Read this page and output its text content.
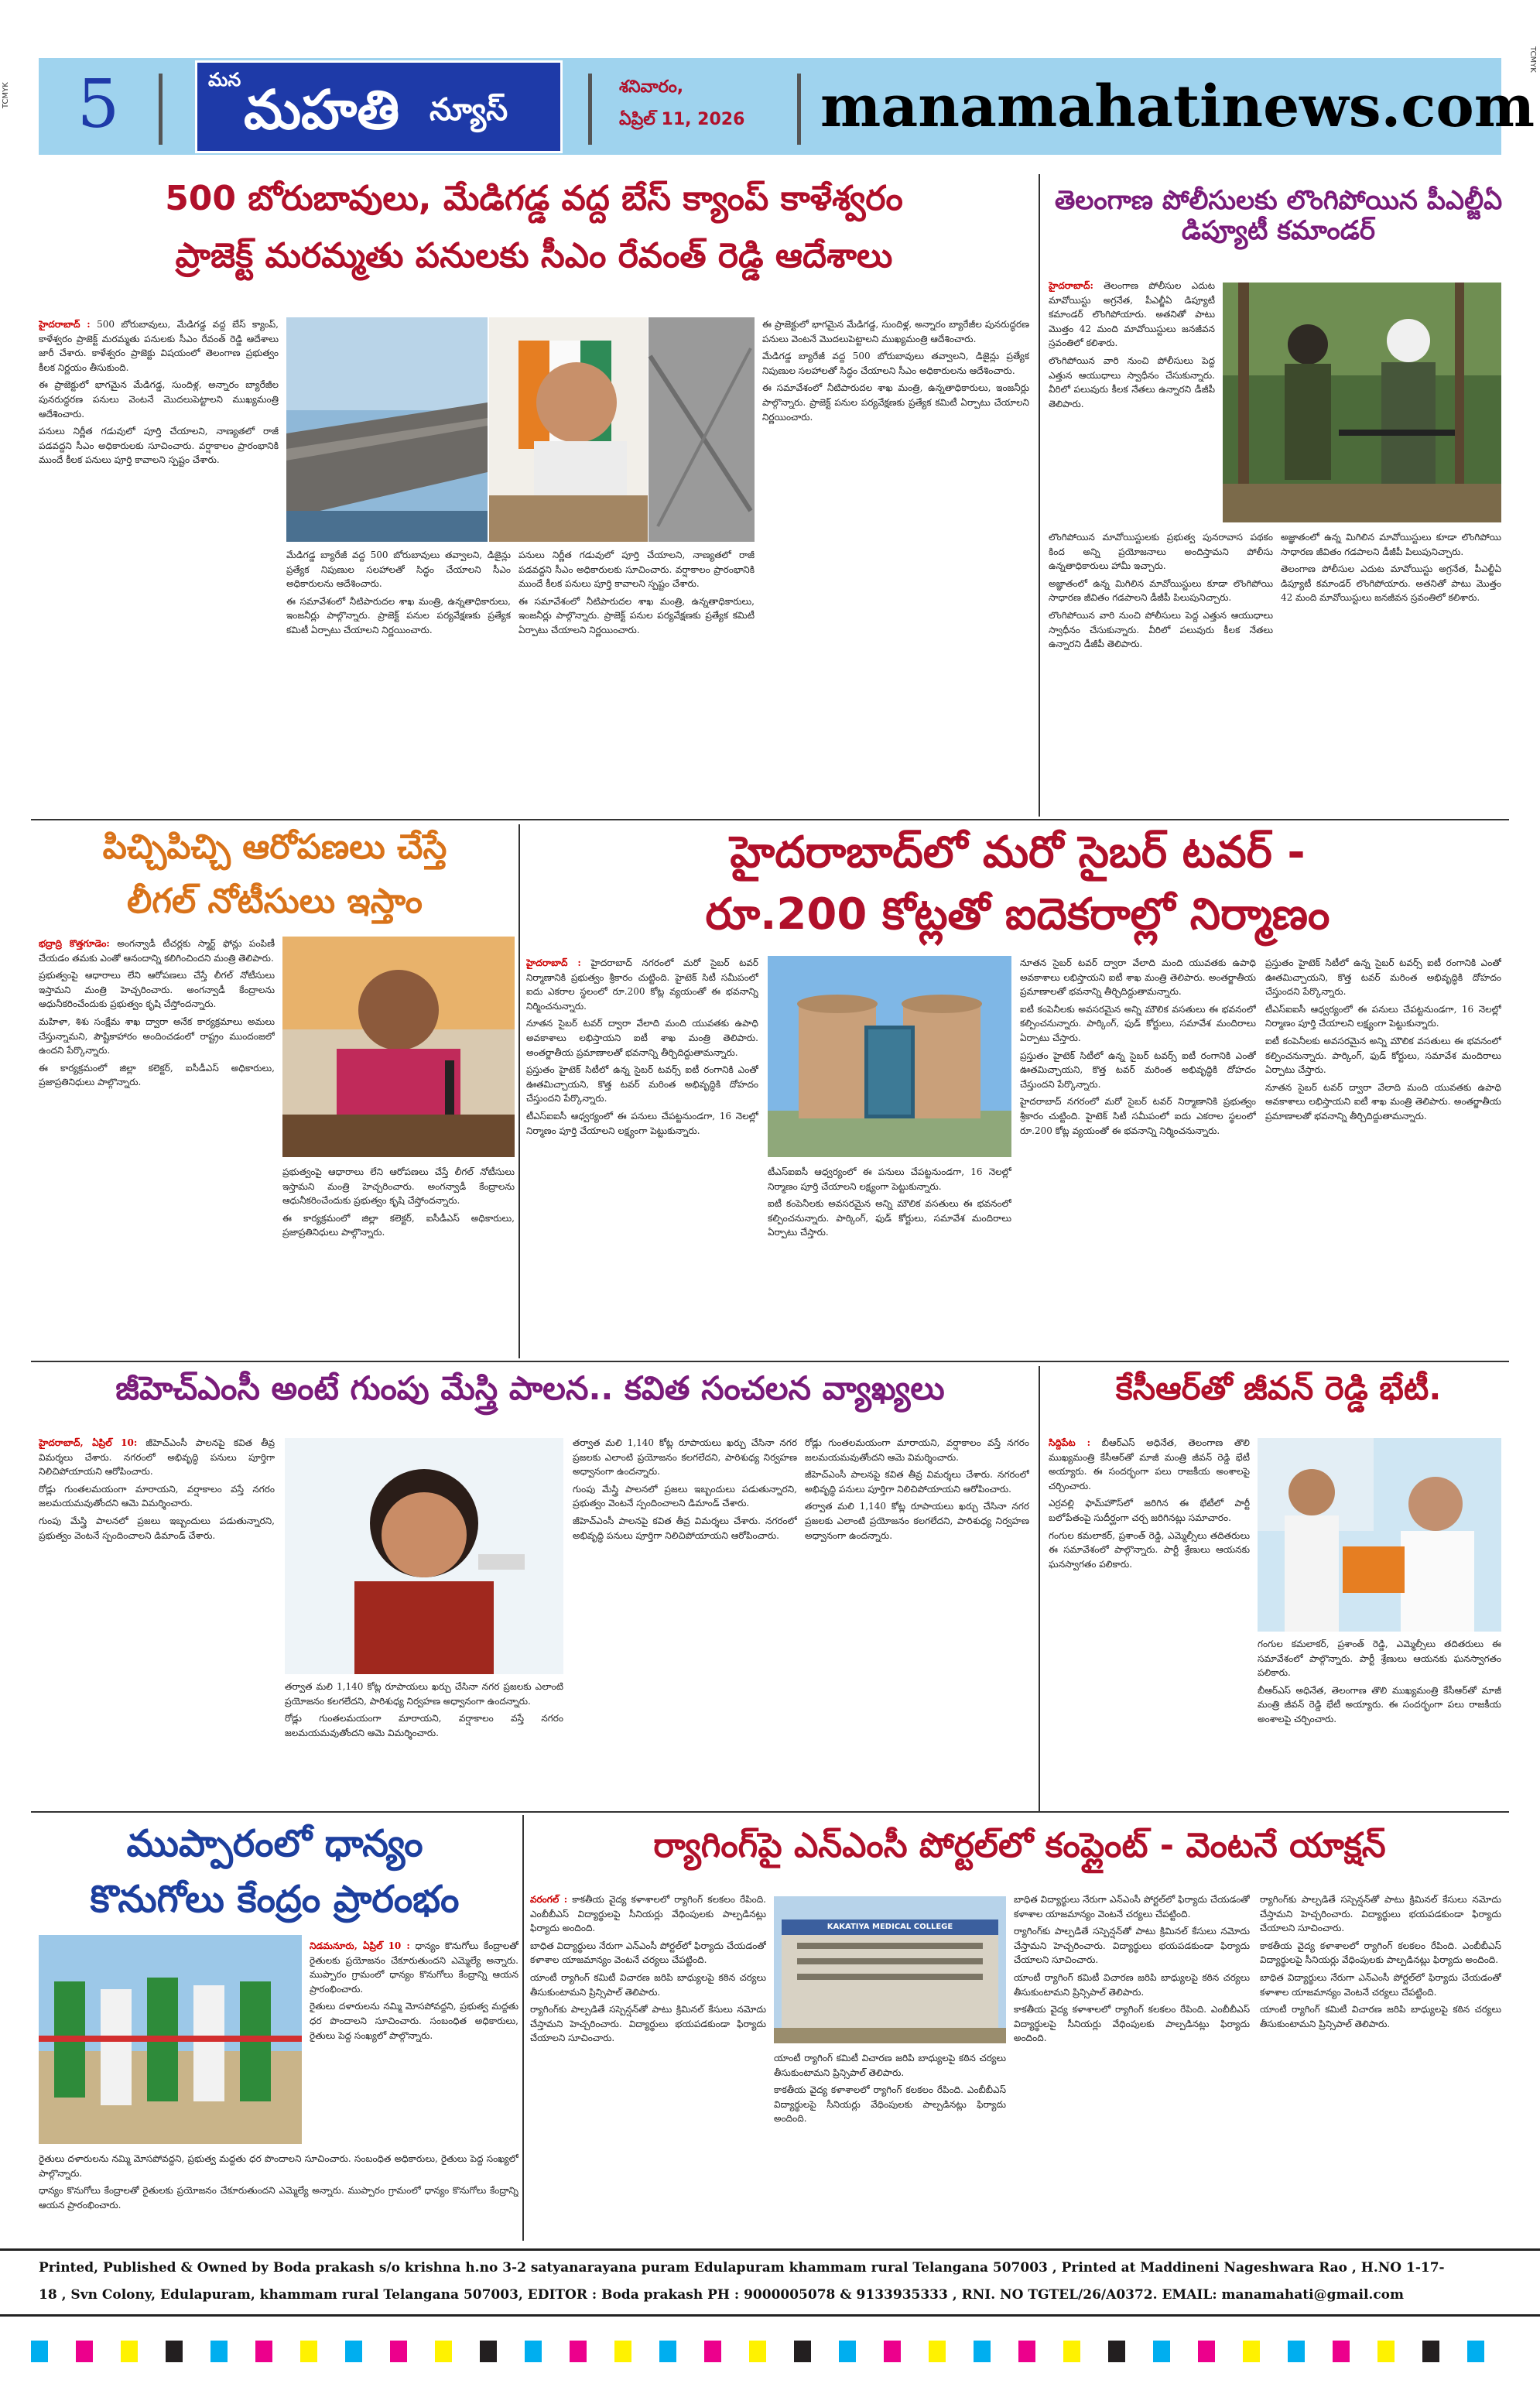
TCMYK
TCMYK
5	మన మహతి న్యూస్
శనివారం,
ఏప్రిల్ 11, 2026 manamahatinews.com
500 బోరుబావులు, మేడిగడ్డ వద్ద బేస్ క్యాంప్ కాళేశ్వరం
ప్రాజెక్ట్ మరమ్మతు పనులకు సీఎం రేవంత్ రెడ్డి ఆదేశాలు

హైదరాబాద్ : 500 బోరుబావులు, మేడిగడ్డ వద్ద బేస్ క్యాంప్, కాళేశ్వరం ప్రాజెక్ట్ మరమ్మతు పనులకు సీఎం రేవంత్ రెడ్డి ఆదేశాలు జారీ చేశారు. కాళేశ్వరం ప్రాజెక్టు విషయంలో తెలంగాణ ప్రభుత్వం కీలక నిర్ణయం తీసుకుంది.

ఈ ప్రాజెక్టులో భాగమైన మేడిగడ్డ, సుందిళ్ల, అన్నారం బ్యారేజీల పునరుద్ధరణ పనులు వెంటనే మొదలుపెట్టాలని ముఖ్యమంత్రి ఆదేశించారు.

పనులు నిర్ణీత గడువులో పూర్తి చేయాలని, నాణ్యతలో రాజీ పడవద్దని సీఎం అధికారులకు సూచించారు. వర్షాకాలం ప్రారంభానికి ముందే కీలక పనులు పూర్తి కావాలని స్పష్టం చేశారు.

మేడిగడ్డ బ్యారేజీ వద్ద 500 బోరుబావులు తవ్వాలని, డిజైన్లు ప్రత్యేక నిపుణుల సలహాలతో సిద్ధం చేయాలని సీఎం అధికారులను ఆదేశించారు.

ఈ సమావేశంలో నీటిపారుదల శాఖ మంత్రి, ఉన్నతాధికారులు, ఇంజనీర్లు పాల్గొన్నారు. ప్రాజెక్ట్ పనుల పర్యవేక్షణకు ప్రత్యేక కమిటీ ఏర్పాటు చేయాలని నిర్ణయించారు.

పనులు నిర్ణీత గడువులో పూర్తి చేయాలని, నాణ్యతలో రాజీ పడవద్దని సీఎం అధికారులకు సూచించారు. వర్షాకాలం ప్రారంభానికి ముందే కీలక పనులు పూర్తి కావాలని స్పష్టం చేశారు.

ఈ సమావేశంలో నీటిపారుదల శాఖ మంత్రి, ఉన్నతాధికారులు, ఇంజనీర్లు పాల్గొన్నారు. ప్రాజెక్ట్ పనుల పర్యవేక్షణకు ప్రత్యేక కమిటీ ఏర్పాటు చేయాలని నిర్ణయించారు.

ఈ ప్రాజెక్టులో భాగమైన మేడిగడ్డ, సుందిళ్ల, అన్నారం బ్యారేజీల పునరుద్ధరణ పనులు వెంటనే మొదలుపెట్టాలని ముఖ్యమంత్రి ఆదేశించారు.

మేడిగడ్డ బ్యారేజీ వద్ద 500 బోరుబావులు తవ్వాలని, డిజైన్లు ప్రత్యేక నిపుణుల సలహాలతో సిద్ధం చేయాలని సీఎం అధికారులను ఆదేశించారు.

ఈ సమావేశంలో నీటిపారుదల శాఖ మంత్రి, ఉన్నతాధికారులు, ఇంజనీర్లు పాల్గొన్నారు. ప్రాజెక్ట్ పనుల పర్యవేక్షణకు ప్రత్యేక కమిటీ ఏర్పాటు చేయాలని నిర్ణయించారు.

తెలంగాణ పోలీసులకు లొంగిపోయిన పీఎల్జీఏ డిప్యూటీ కమాండర్

హైదరాబాద్: తెలంగాణ పోలీసుల ఎదుట మావోయిస్టు అగ్రనేత, పీఎల్జీఏ డిప్యూటీ కమాండర్ లొంగిపోయారు. అతనితో పాటు మొత్తం 42 మంది మావోయిస్టులు జనజీవన స్రవంతిలో కలిశారు.

లొంగిపోయిన వారి నుంచి పోలీసులు పెద్ద ఎత్తున ఆయుధాలు స్వాధీనం చేసుకున్నారు. వీరిలో పలువురు కీలక నేతలు ఉన్నారని డీజీపీ తెలిపారు.

లొంగిపోయిన మావోయిస్టులకు ప్రభుత్వ పునరావాస పథకం కింద అన్ని ప్రయోజనాలు అందిస్తామని పోలీసు ఉన్నతాధికారులు హామీ ఇచ్చారు.

అజ్ఞాతంలో ఉన్న మిగిలిన మావోయిస్టులు కూడా లొంగిపోయి సాధారణ జీవితం గడపాలని డీజీపీ పిలుపునిచ్చారు.

లొంగిపోయిన వారి నుంచి పోలీసులు పెద్ద ఎత్తున ఆయుధాలు స్వాధీనం చేసుకున్నారు. వీరిలో పలువురు కీలక నేతలు ఉన్నారని డీజీపీ తెలిపారు.

అజ్ఞాతంలో ఉన్న మిగిలిన మావోయిస్టులు కూడా లొంగిపోయి సాధారణ జీవితం గడపాలని డీజీపీ పిలుపునిచ్చారు.

తెలంగాణ పోలీసుల ఎదుట మావోయిస్టు అగ్రనేత, పీఎల్జీఏ డిప్యూటీ కమాండర్ లొంగిపోయారు. అతనితో పాటు మొత్తం 42 మంది మావోయిస్టులు జనజీవన స్రవంతిలో కలిశారు.

పిచ్చిపిచ్చి ఆరోపణలు చేస్తే
లీగల్ నోటీసులు ఇస్తాం

భద్రాద్రి కొత్తగూడెం: అంగన్వాడీ టీచర్లకు స్మార్ట్ ఫోన్లు పంపిణీ చేయడం తమకు ఎంతో ఆనందాన్ని కలిగించిందని మంత్రి తెలిపారు.

ప్రభుత్వంపై ఆధారాలు లేని ఆరోపణలు చేస్తే లీగల్ నోటీసులు ఇస్తామని మంత్రి హెచ్చరించారు. అంగన్వాడీ కేంద్రాలను ఆధునీకరించేందుకు ప్రభుత్వం కృషి చేస్తోందన్నారు.

మహిళా, శిశు సంక్షేమ శాఖ ద్వారా అనేక కార్యక్రమాలు అమలు చేస్తున్నామని, పౌష్టికాహారం అందించడంలో రాష్ట్రం ముందంజలో ఉందని పేర్కొన్నారు.

ఈ కార్యక్రమంలో జిల్లా కలెక్టర్, ఐసీడీఎస్ అధికారులు, ప్రజాప్రతినిధులు పాల్గొన్నారు.

ప్రభుత్వంపై ఆధారాలు లేని ఆరోపణలు చేస్తే లీగల్ నోటీసులు ఇస్తామని మంత్రి హెచ్చరించారు. అంగన్వాడీ కేంద్రాలను ఆధునీకరించేందుకు ప్రభుత్వం కృషి చేస్తోందన్నారు.

ఈ కార్యక్రమంలో జిల్లా కలెక్టర్, ఐసీడీఎస్ అధికారులు, ప్రజాప్రతినిధులు పాల్గొన్నారు.

హైదరాబాద్‌లో మరో సైబర్ టవర్ -
రూ.200 కోట్లతో ఐదెకరాల్లో నిర్మాణం

హైదరాబాద్ : హైదరాబాద్ నగరంలో మరో సైబర్ టవర్ నిర్మాణానికి ప్రభుత్వం శ్రీకారం చుట్టింది. హైటెక్ సిటీ సమీపంలో ఐదు ఎకరాల స్థలంలో రూ.200 కోట్ల వ్యయంతో ఈ భవనాన్ని నిర్మించనున్నారు.

నూతన సైబర్ టవర్ ద్వారా వేలాది మంది యువతకు ఉపాధి అవకాశాలు లభిస్తాయని ఐటీ శాఖ మంత్రి తెలిపారు. అంతర్జాతీయ ప్రమాణాలతో భవనాన్ని తీర్చిదిద్దుతామన్నారు.

ప్రస్తుతం హైటెక్ సిటీలో ఉన్న సైబర్ టవర్స్ ఐటీ రంగానికి ఎంతో ఊతమిచ్చాయని, కొత్త టవర్ మరింత అభివృద్ధికి దోహదం చేస్తుందని పేర్కొన్నారు.

టీఎస్ఐఐసీ ఆధ్వర్యంలో ఈ పనులు చేపట్టనుండగా, 16 నెలల్లో నిర్మాణం పూర్తి చేయాలని లక్ష్యంగా పెట్టుకున్నారు.

టీఎస్ఐఐసీ ఆధ్వర్యంలో ఈ పనులు చేపట్టనుండగా, 16 నెలల్లో నిర్మాణం పూర్తి చేయాలని లక్ష్యంగా పెట్టుకున్నారు.

ఐటీ కంపెనీలకు అవసరమైన అన్ని మౌలిక వసతులు ఈ భవనంలో కల్పించనున్నారు. పార్కింగ్, ఫుడ్ కోర్టులు, సమావేశ మందిరాలు ఏర్పాటు చేస్తారు.

నూతన సైబర్ టవర్ ద్వారా వేలాది మంది యువతకు ఉపాధి అవకాశాలు లభిస్తాయని ఐటీ శాఖ మంత్రి తెలిపారు. అంతర్జాతీయ ప్రమాణాలతో భవనాన్ని తీర్చిదిద్దుతామన్నారు.

ఐటీ కంపెనీలకు అవసరమైన అన్ని మౌలిక వసతులు ఈ భవనంలో కల్పించనున్నారు. పార్కింగ్, ఫుడ్ కోర్టులు, సమావేశ మందిరాలు ఏర్పాటు చేస్తారు.

ప్రస్తుతం హైటెక్ సిటీలో ఉన్న సైబర్ టవర్స్ ఐటీ రంగానికి ఎంతో ఊతమిచ్చాయని, కొత్త టవర్ మరింత అభివృద్ధికి దోహదం చేస్తుందని పేర్కొన్నారు.

హైదరాబాద్ నగరంలో మరో సైబర్ టవర్ నిర్మాణానికి ప్రభుత్వం శ్రీకారం చుట్టింది. హైటెక్ సిటీ సమీపంలో ఐదు ఎకరాల స్థలంలో రూ.200 కోట్ల వ్యయంతో ఈ భవనాన్ని నిర్మించనున్నారు.

ప్రస్తుతం హైటెక్ సిటీలో ఉన్న సైబర్ టవర్స్ ఐటీ రంగానికి ఎంతో ఊతమిచ్చాయని, కొత్త టవర్ మరింత అభివృద్ధికి దోహదం చేస్తుందని పేర్కొన్నారు.

టీఎస్ఐఐసీ ఆధ్వర్యంలో ఈ పనులు చేపట్టనుండగా, 16 నెలల్లో నిర్మాణం పూర్తి చేయాలని లక్ష్యంగా పెట్టుకున్నారు.

ఐటీ కంపెనీలకు అవసరమైన అన్ని మౌలిక వసతులు ఈ భవనంలో కల్పించనున్నారు. పార్కింగ్, ఫుడ్ కోర్టులు, సమావేశ మందిరాలు ఏర్పాటు చేస్తారు.

నూతన సైబర్ టవర్ ద్వారా వేలాది మంది యువతకు ఉపాధి అవకాశాలు లభిస్తాయని ఐటీ శాఖ మంత్రి తెలిపారు. అంతర్జాతీయ ప్రమాణాలతో భవనాన్ని తీర్చిదిద్దుతామన్నారు.

జీహెచ్ఎంసీ అంటే గుంపు మేస్త్రి పాలన.. కవిత సంచలన వ్యాఖ్యలు

హైదరాబాద్, ఏప్రిల్ 10: జీహెచ్ఎంసీ పాలనపై కవిత తీవ్ర విమర్శలు చేశారు. నగరంలో అభివృద్ధి పనులు పూర్తిగా నిలిచిపోయాయని ఆరోపించారు.

రోడ్లు గుంతలమయంగా మారాయని, వర్షాకాలం వస్తే నగరం జలమయమవుతోందని ఆమె విమర్శించారు.

గుంపు మేస్త్రి పాలనలో ప్రజలు ఇబ్బందులు పడుతున్నారని, ప్రభుత్వం వెంటనే స్పందించాలని డిమాండ్ చేశారు.

తర్వాత మలి 1,140 కోట్ల రూపాయలు ఖర్చు చేసినా నగర ప్రజలకు ఎలాంటి ప్రయోజనం కలగలేదని, పారిశుధ్య నిర్వహణ అధ్వానంగా ఉందన్నారు.

రోడ్లు గుంతలమయంగా మారాయని, వర్షాకాలం వస్తే నగరం జలమయమవుతోందని ఆమె విమర్శించారు.

తర్వాత మలి 1,140 కోట్ల రూపాయలు ఖర్చు చేసినా నగర ప్రజలకు ఎలాంటి ప్రయోజనం కలగలేదని, పారిశుధ్య నిర్వహణ అధ్వానంగా ఉందన్నారు.

గుంపు మేస్త్రి పాలనలో ప్రజలు ఇబ్బందులు పడుతున్నారని, ప్రభుత్వం వెంటనే స్పందించాలని డిమాండ్ చేశారు.

జీహెచ్ఎంసీ పాలనపై కవిత తీవ్ర విమర్శలు చేశారు. నగరంలో అభివృద్ధి పనులు పూర్తిగా నిలిచిపోయాయని ఆరోపించారు.

రోడ్లు గుంతలమయంగా మారాయని, వర్షాకాలం వస్తే నగరం జలమయమవుతోందని ఆమె విమర్శించారు.

జీహెచ్ఎంసీ పాలనపై కవిత తీవ్ర విమర్శలు చేశారు. నగరంలో అభివృద్ధి పనులు పూర్తిగా నిలిచిపోయాయని ఆరోపించారు.

తర్వాత మలి 1,140 కోట్ల రూపాయలు ఖర్చు చేసినా నగర ప్రజలకు ఎలాంటి ప్రయోజనం కలగలేదని, పారిశుధ్య నిర్వహణ అధ్వానంగా ఉందన్నారు.

కేసీఆర్‌తో జీవన్ రెడ్డి భేటీ.

సిద్దిపేట : బీఆర్ఎస్ అధినేత, తెలంగాణ తొలి ముఖ్యమంత్రి కేసీఆర్‌తో మాజీ మంత్రి జీవన్ రెడ్డి భేటీ అయ్యారు. ఈ సందర్భంగా పలు రాజకీయ అంశాలపై చర్చించారు.

ఎర్రవల్లి ఫామ్‌హౌస్‌లో జరిగిన ఈ భేటీలో పార్టీ బలోపేతంపై సుదీర్ఘంగా చర్చ జరిగినట్లు సమాచారం.

గంగుల కమలాకర్, ప్రశాంత్ రెడ్డి, ఎమ్మెల్సీలు తదితరులు ఈ సమావేశంలో పాల్గొన్నారు. పార్టీ శ్రేణులు ఆయనకు ఘనస్వాగతం పలికారు.

గంగుల కమలాకర్, ప్రశాంత్ రెడ్డి, ఎమ్మెల్సీలు తదితరులు ఈ సమావేశంలో పాల్గొన్నారు. పార్టీ శ్రేణులు ఆయనకు ఘనస్వాగతం పలికారు.

బీఆర్ఎస్ అధినేత, తెలంగాణ తొలి ముఖ్యమంత్రి కేసీఆర్‌తో మాజీ మంత్రి జీవన్ రెడ్డి భేటీ అయ్యారు. ఈ సందర్భంగా పలు రాజకీయ అంశాలపై చర్చించారు.

ముప్పారంలో ధాన్యం
కొనుగోలు కేంద్రం ప్రారంభం

నిడమనూరు, ఏప్రిల్ 10 : ధాన్యం కొనుగోలు కేంద్రాలతో రైతులకు ప్రయోజనం చేకూరుతుందని ఎమ్మెల్యే అన్నారు. ముప్పారం గ్రామంలో ధాన్యం కొనుగోలు కేంద్రాన్ని ఆయన ప్రారంభించారు.

రైతులు దళారులను నమ్మి మోసపోవద్దని, ప్రభుత్వ మద్దతు ధర పొందాలని సూచించారు. సంబంధిత అధికారులు, రైతులు పెద్ద సంఖ్యలో పాల్గొన్నారు.

రైతులు దళారులను నమ్మి మోసపోవద్దని, ప్రభుత్వ మద్దతు ధర పొందాలని సూచించారు. సంబంధిత అధికారులు, రైతులు పెద్ద సంఖ్యలో పాల్గొన్నారు.

ధాన్యం కొనుగోలు కేంద్రాలతో రైతులకు ప్రయోజనం చేకూరుతుందని ఎమ్మెల్యే అన్నారు. ముప్పారం గ్రామంలో ధాన్యం కొనుగోలు కేంద్రాన్ని ఆయన ప్రారంభించారు.

ర్యాగింగ్‌పై ఎన్ఎంసీ పోర్టల్‌లో కంప్లైంట్ - వెంటనే యాక్షన్

వరంగల్ : కాకతీయ వైద్య కళాశాలలో ర్యాగింగ్ కలకలం రేపింది. ఎంబీబీఎస్ విద్యార్థులపై సీనియర్లు వేధింపులకు పాల్పడినట్లు ఫిర్యాదు అందింది.

బాధిత విద్యార్థులు నేరుగా ఎన్ఎంసీ పోర్టల్‌లో ఫిర్యాదు చేయడంతో కళాశాల యాజమాన్యం వెంటనే చర్యలు చేపట్టింది.

యాంటీ ర్యాగింగ్ కమిటీ విచారణ జరిపి బాధ్యులపై కఠిన చర్యలు తీసుకుంటామని ప్రిన్సిపాల్ తెలిపారు.

ర్యాగింగ్‌కు పాల్పడితే సస్పెన్షన్‌తో పాటు క్రిమినల్ కేసులు నమోదు చేస్తామని హెచ్చరించారు. విద్యార్థులు భయపడకుండా ఫిర్యాదు చేయాలని సూచించారు.

KAKATIYA MEDICAL COLLEGE

యాంటీ ర్యాగింగ్ కమిటీ విచారణ జరిపి బాధ్యులపై కఠిన చర్యలు తీసుకుంటామని ప్రిన్సిపాల్ తెలిపారు.

కాకతీయ వైద్య కళాశాలలో ర్యాగింగ్ కలకలం రేపింది. ఎంబీబీఎస్ విద్యార్థులపై సీనియర్లు వేధింపులకు పాల్పడినట్లు ఫిర్యాదు అందింది.

బాధిత విద్యార్థులు నేరుగా ఎన్ఎంసీ పోర్టల్‌లో ఫిర్యాదు చేయడంతో కళాశాల యాజమాన్యం వెంటనే చర్యలు చేపట్టింది.

ర్యాగింగ్‌కు పాల్పడితే సస్పెన్షన్‌తో పాటు క్రిమినల్ కేసులు నమోదు చేస్తామని హెచ్చరించారు. విద్యార్థులు భయపడకుండా ఫిర్యాదు చేయాలని సూచించారు.

యాంటీ ర్యాగింగ్ కమిటీ విచారణ జరిపి బాధ్యులపై కఠిన చర్యలు తీసుకుంటామని ప్రిన్సిపాల్ తెలిపారు.

కాకతీయ వైద్య కళాశాలలో ర్యాగింగ్ కలకలం రేపింది. ఎంబీబీఎస్ విద్యార్థులపై సీనియర్లు వేధింపులకు పాల్పడినట్లు ఫిర్యాదు అందింది.

ర్యాగింగ్‌కు పాల్పడితే సస్పెన్షన్‌తో పాటు క్రిమినల్ కేసులు నమోదు చేస్తామని హెచ్చరించారు. విద్యార్థులు భయపడకుండా ఫిర్యాదు చేయాలని సూచించారు.

కాకతీయ వైద్య కళాశాలలో ర్యాగింగ్ కలకలం రేపింది. ఎంబీబీఎస్ విద్యార్థులపై సీనియర్లు వేధింపులకు పాల్పడినట్లు ఫిర్యాదు అందింది.

బాధిత విద్యార్థులు నేరుగా ఎన్ఎంసీ పోర్టల్‌లో ఫిర్యాదు చేయడంతో కళాశాల యాజమాన్యం వెంటనే చర్యలు చేపట్టింది.

యాంటీ ర్యాగింగ్ కమిటీ విచారణ జరిపి బాధ్యులపై కఠిన చర్యలు తీసుకుంటామని ప్రిన్సిపాల్ తెలిపారు.

Printed, Published & Owned by Boda prakash s/o krishna h.no 3-2 satyanarayana puram Edulapuram khammam rural Telangana 507003 , Printed at Maddineni Nageshwara Rao , H.NO 1-17-
18 , Svn Colony, Edulapuram, khammam rural Telangana 507003, EDITOR : Boda prakash PH : 9000005078 & 9133935333 , RNI. NO TGTEL/26/A0372. EMAIL: manamahati@gmail.com
